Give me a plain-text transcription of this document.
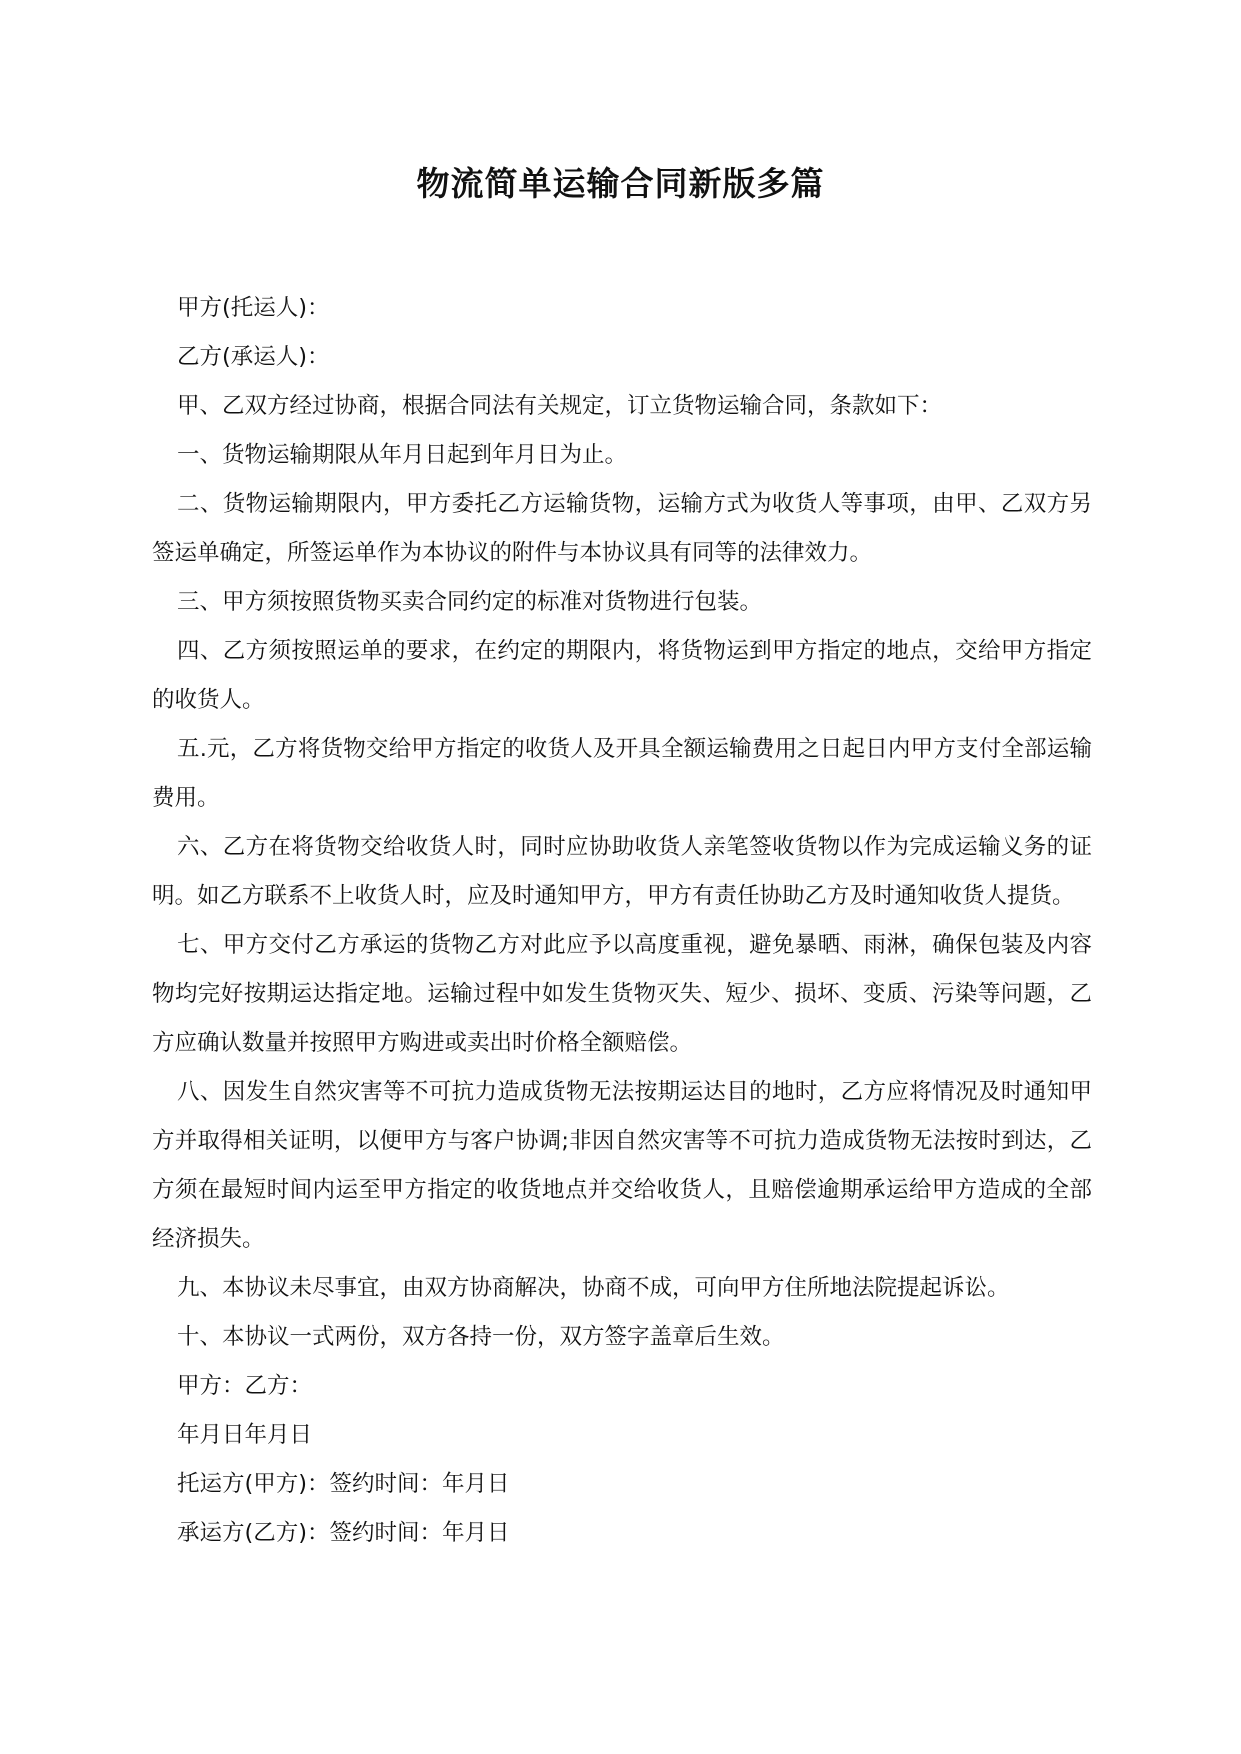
物流简单运输合同新版多篇

甲方(托运人)：

乙方(承运人)：

甲、乙双方经过协商，根据合同法有关规定，订立货物运输合同，条款如下：

一、货物运输期限从年月日起到年月日为止。

二、货物运输期限内，甲方委托乙方运输货物，运输方式为收货人等事项，由甲、乙双方另签运单确定，所签运单作为本协议的附件与本协议具有同等的法律效力。

三、甲方须按照货物买卖合同约定的标准对货物进行包装。

四、乙方须按照运单的要求，在约定的期限内，将货物运到甲方指定的地点，交给甲方指定的收货人。

五.元，乙方将货物交给甲方指定的收货人及开具全额运输费用之日起日内甲方支付全部运输费用。

六、乙方在将货物交给收货人时，同时应协助收货人亲笔签收货物以作为完成运输义务的证明。如乙方联系不上收货人时，应及时通知甲方，甲方有责任协助乙方及时通知收货人提货。

七、甲方交付乙方承运的货物乙方对此应予以高度重视，避免暴晒、雨淋，确保包装及内容物均完好按期运达指定地。运输过程中如发生货物灭失、短少、损坏、变质、污染等问题，乙方应确认数量并按照甲方购进或卖出时价格全额赔偿。

八、因发生自然灾害等不可抗力造成货物无法按期运达目的地时，乙方应将情况及时通知甲方并取得相关证明，以便甲方与客户协调;非因自然灾害等不可抗力造成货物无法按时到达，乙方须在最短时间内运至甲方指定的收货地点并交给收货人，且赔偿逾期承运给甲方造成的全部经济损失。

九、本协议未尽事宜，由双方协商解决，协商不成，可向甲方住所地法院提起诉讼。

十、本协议一式两份，双方各持一份，双方签字盖章后生效。

甲方：乙方：

年月日年月日

托运方(甲方)：签约时间：年月日

承运方(乙方)：签约时间：年月日
